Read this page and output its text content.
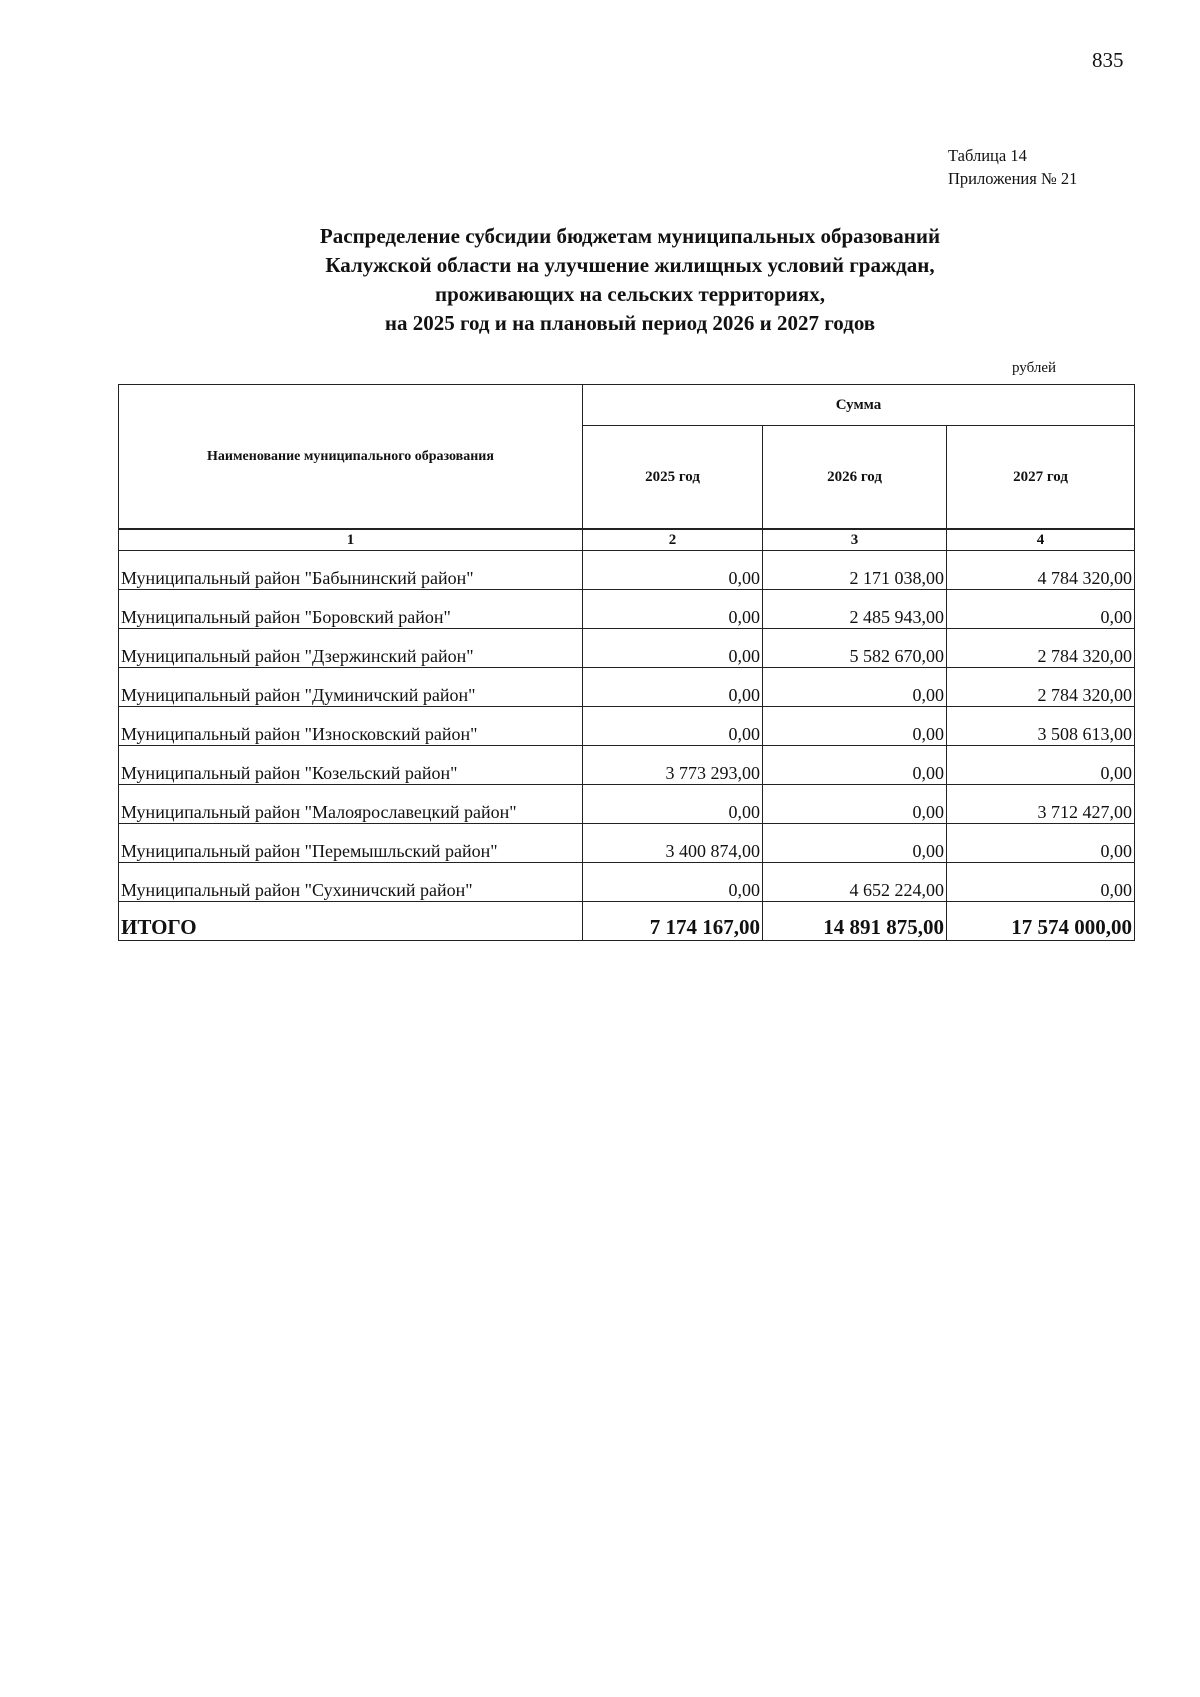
835
Таблица 14
Приложения № 21
Распределение субсидии бюджетам муниципальных образований
Калужской области на улучшение жилищных условий граждан,
проживающих на сельских территориях,
на 2025 год и на плановый период 2026 и 2027 годов
рублей
Наименование муниципального образования	Сумма		
	2025 год	2026 год	2027 год
1	2	3	4
Муниципальный район "Бабынинский район"	0,00	2 171 038,00	4 784 320,00
Муниципальный район "Боровский район"	0,00	2 485 943,00	0,00
Муниципальный район "Дзержинский район"	0,00	5 582 670,00	2 784 320,00
Муниципальный район "Думиничский район"	0,00	0,00	2 784 320,00
Муниципальный район "Износковский район"	0,00	0,00	3 508 613,00
Муниципальный район "Козельский район"	3 773 293,00	0,00	0,00
Муниципальный район "Малоярославецкий район"	0,00	0,00	3 712 427,00
Муниципальный район "Перемышльский район"	3 400 874,00	0,00	0,00
Муниципальный район "Сухиничский район"	0,00	4 652 224,00	0,00
ИТОГО	7 174 167,00	14 891 875,00	17 574 000,00
